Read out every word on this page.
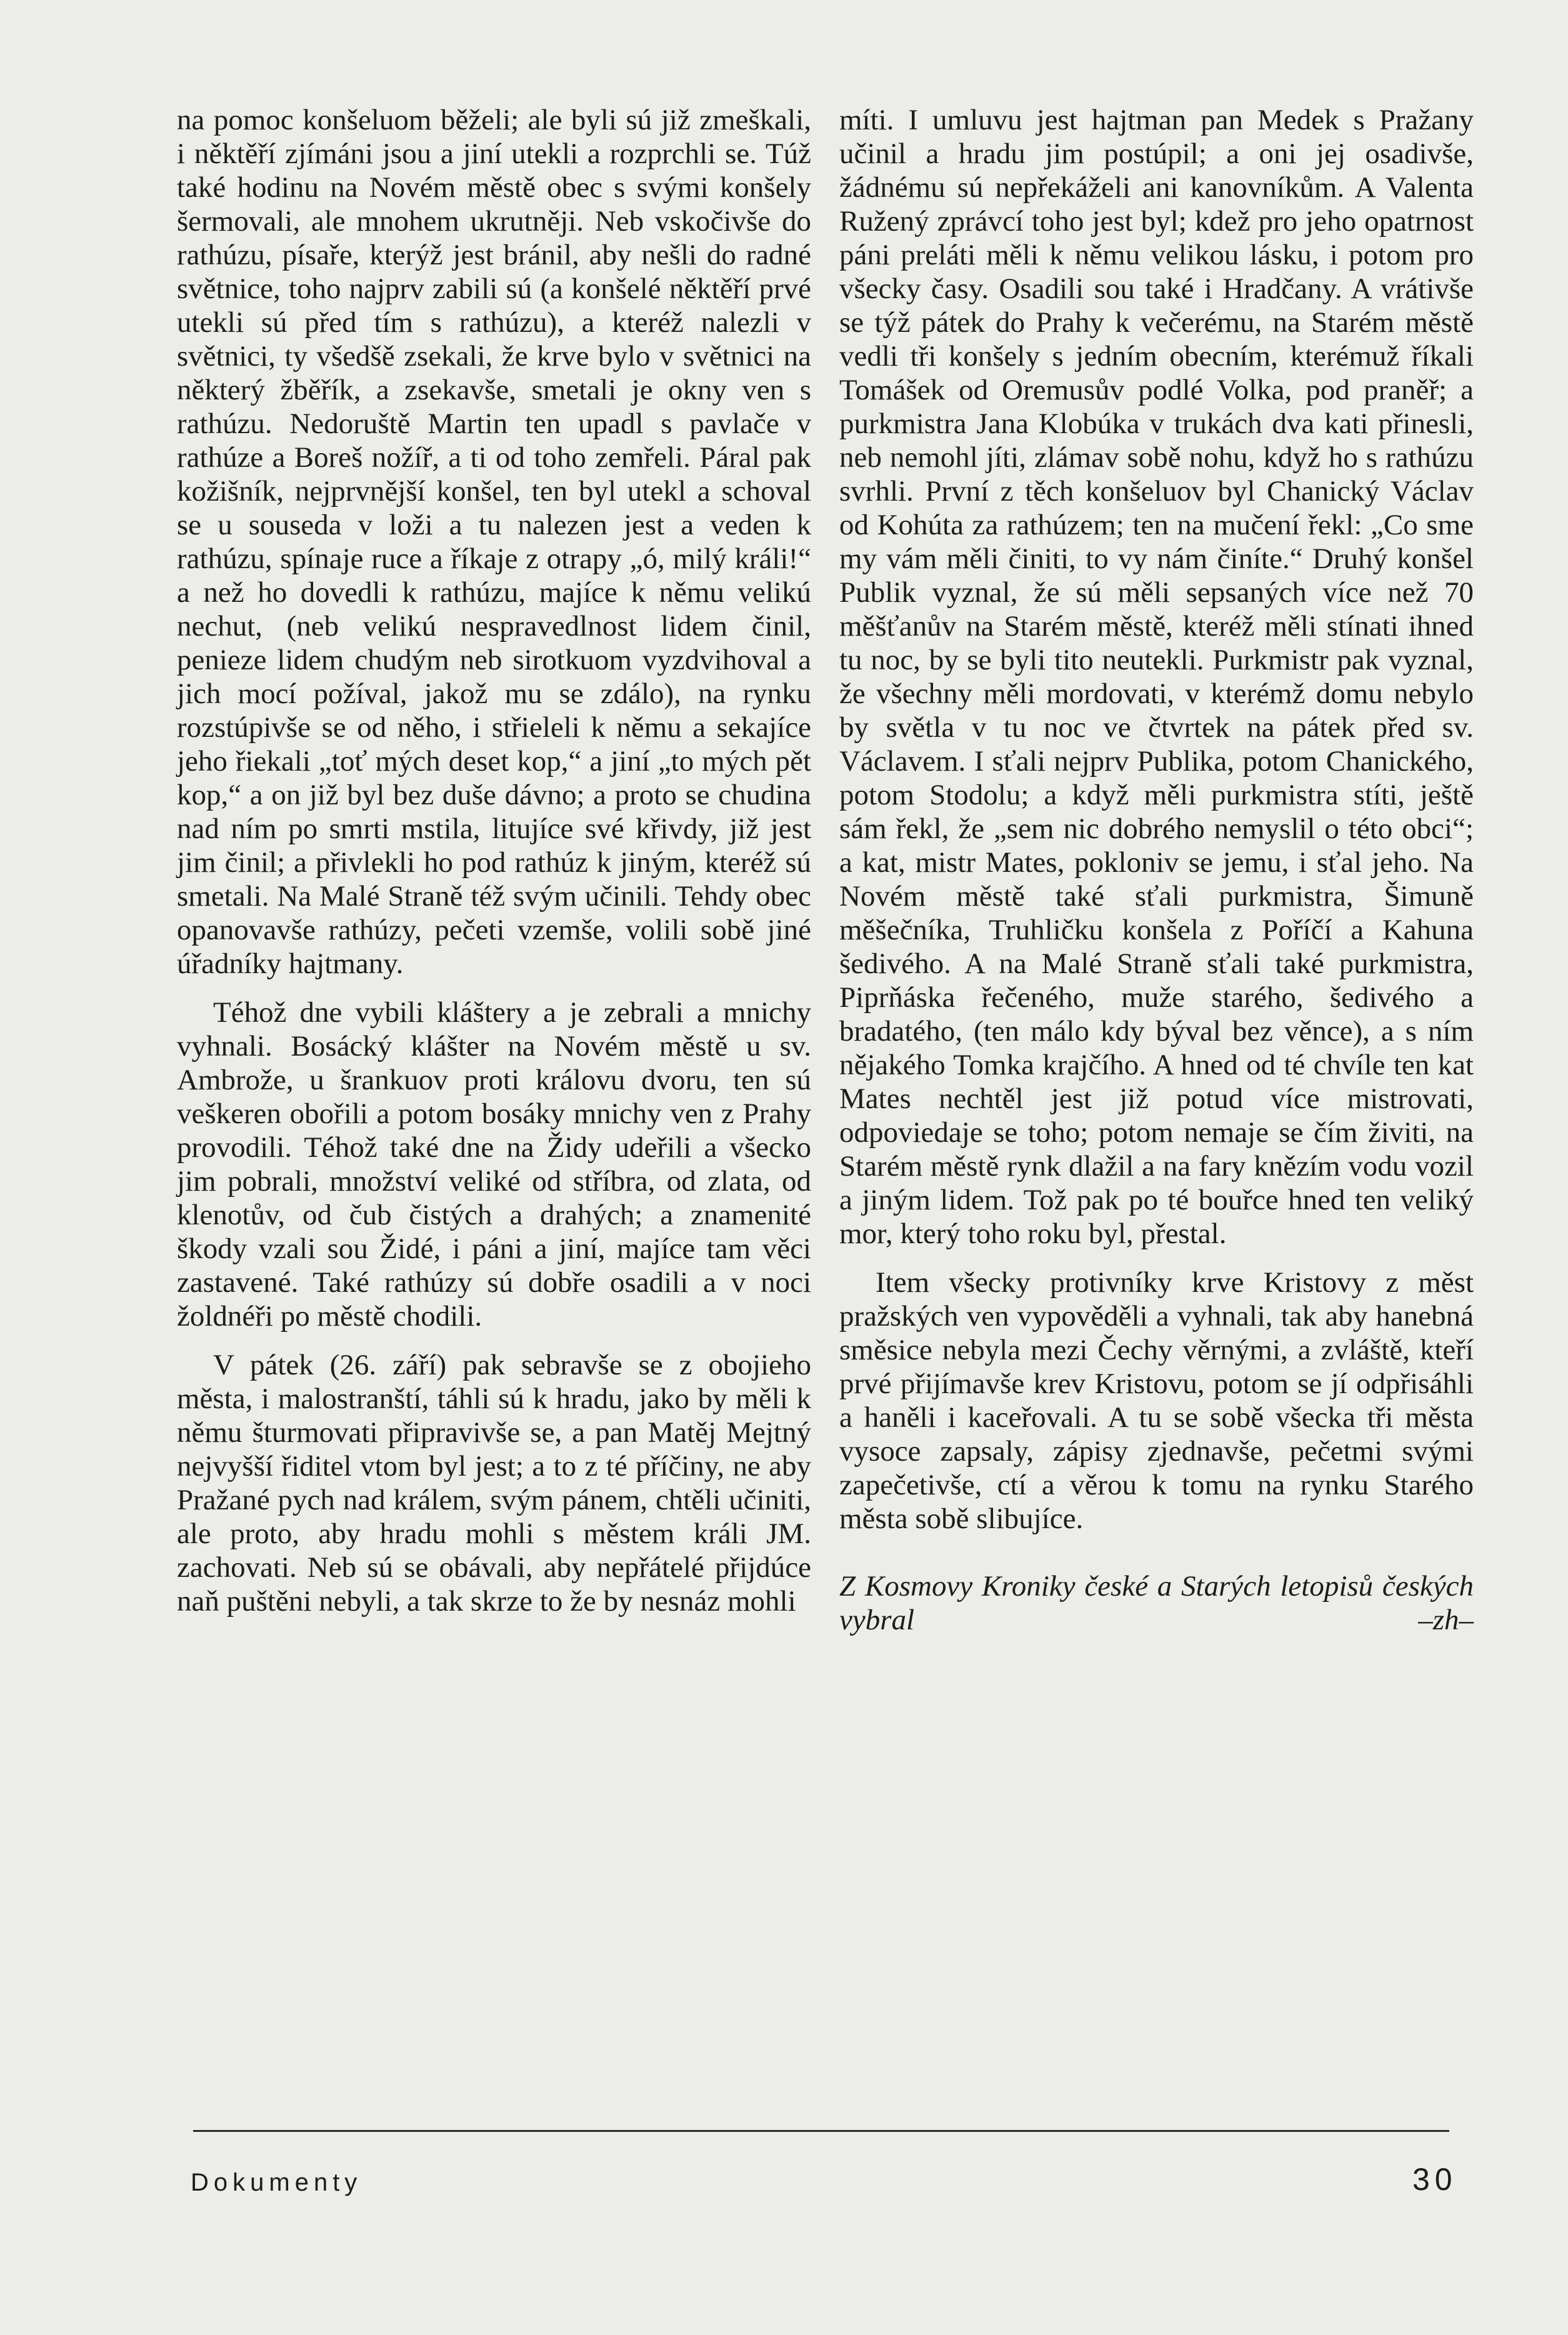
na pomoc konšeluom běželi; ale byli sú již zmeškali, i něktěří zjímáni jsou a jiní utekli a rozprchli se. Túž také hodinu na Novém městě obec s svými konšely šermovali, ale mnohem ukrutněji. Neb vskočivše do rathúzu, písaře, kterýž jest bránil, aby nešli do radné světnice, toho najprv zabili sú (a konšelé něktěří prvé utekli sú před tím s rathúzu), a kteréž nalezli v světnici, ty všedšě zsekali, že krve bylo v světnici na některý žběřík, a zsekavše, smetali je okny ven s rathúzu. Nedoruště Martin ten upadl s pavlače v rathúze a Boreš nožíř, a ti od toho zemřeli. Páral pak kožišník, nejprvnější konšel, ten byl utekl a schoval se u souseda v loži a tu nalezen jest a veden k rathúzu, spínaje ruce a říkaje z otrapy „ó, milý králi!“ a než ho dovedli k rathúzu, majíce k němu velikú nechut, (neb velikú nespravedlnost lidem činil, penieze lidem chudým neb sirotkuom vyzdvihoval a jich mocí požíval, jakož mu se zdálo), na rynku rozstúpivše se od něho, i střieleli k němu a sekajíce jeho řiekali „toť mých deset kop,“ a jiní „to mých pět kop,“ a on již byl bez duše dávno; a proto se chudina nad ním po smrti mstila, litujíce své křivdy, již jest jim činil; a přivlekli ho pod rathúz k jiným, kteréž sú smetali. Na Malé Straně též svým učinili. Tehdy obec opanovavše rathúzy, pečeti vzemše, volili sobě jiné úřadníky hajtmany.

Téhož dne vybili kláštery a je zebrali a mnichy vyhnali. Bosácký klášter na Novém městě u sv. Ambrože, u šrankuov proti královu dvoru, ten sú veškeren obořili a potom bosáky mnichy ven z Prahy provodili. Téhož také dne na Židy udeřili a všecko jim pobrali, množství veliké od stříbra, od zlata, od klenotův, od čub čistých a drahých; a znamenité škody vzali sou Židé, i páni a jiní, majíce tam věci zastavené. Také rathúzy sú dobře osadili a v noci žoldnéři po městě chodili.

V pátek (26. září) pak sebravše se z obojieho města, i malostranští, táhli sú k hradu, jako by měli k němu šturmovati připravivše se, a pan Matěj Mejtný nejvyšší řiditel vtom byl jest; a to z té příčiny, ne aby Pražané pych nad králem, svým pánem, chtěli učiniti, ale proto, aby hradu mohli s městem králi JM. zachovati. Neb sú se obávali, aby nepřátelé přijdúce naň puštěni nebyli, a tak skrze to že by nesnáz mohli

míti. I umluvu jest hajtman pan Medek s Pražany učinil a hradu jim postúpil; a oni jej osadivše, žádnému sú nepřekáželi ani kanovníkům. A Valenta Ružený zprávcí toho jest byl; kdež pro jeho opatrnost páni preláti měli k němu velikou lásku, i potom pro všecky časy. Osadili sou také i Hradčany. A vrátivše se týž pátek do Prahy k večerému, na Starém městě vedli tři konšely s jedním obecním, kterémuž říkali Tomášek od Oremusův podlé Volka, pod praněř; a purkmistra Jana Klobúka v trukách dva kati přinesli, neb nemohl jíti, zlámav sobě nohu, když ho s rathúzu svrhli. První z těch konšeluov byl Chanický Václav od Kohúta za rathúzem; ten na mučení řekl: „Co sme my vám měli činiti, to vy nám činíte.“ Druhý konšel Publik vyznal, že sú měli sepsaných více než 70 měšťanův na Starém městě, kteréž měli stínati ihned tu noc, by se byli tito neutekli. Purkmistr pak vyznal, že všechny měli mordovati, v kterémž domu nebylo by světla v tu noc ve čtvrtek na pátek před sv. Václavem. I sťali nejprv Publika, potom Chanického, potom Stodolu; a když měli purkmistra stíti, ještě sám řekl, že „sem nic dobrého nemyslil o této obci“; a kat, mistr Mates, pokloniv se jemu, i sťal jeho. Na Novém městě také sťali purkmistra, Šimuně měšečníka, Truhličku konšela z Poříčí a Kahuna šedivého. A na Malé Straně sťali také purkmistra, Piprňáska řečeného, muže starého, šedivého a bradatého, (ten málo kdy býval bez věnce), a s ním nějakého Tomka krajčího. A hned od té chvíle ten kat Mates nechtěl jest již potud více mistrovati, odpoviedaje se toho; potom nemaje se čím živiti, na Starém městě rynk dlažil a na fary knězím vodu vozil a jiným lidem. Tož pak po té bouřce hned ten veliký mor, který toho roku byl, přestal.

Item všecky protivníky krve Kristovy z měst pražských ven vypověděli a vyhnali, tak aby hanebná směsice nebyla mezi Čechy věrnými, a zvláště, kteří prvé přijímavše krev Kristovu, potom se jí odpřisáhli a haněli i kaceřovali. A tu se sobě všecka tři města vysoce zapsaly, zápisy zjednavše, pečetmi svými zapečetivše, ctí a věrou k tomu na rynku Starého města sobě slibujíce.

Z Kosmovy Kroniky české a Starých letopisů českých vybral	–zh–

Dokumenty	30
